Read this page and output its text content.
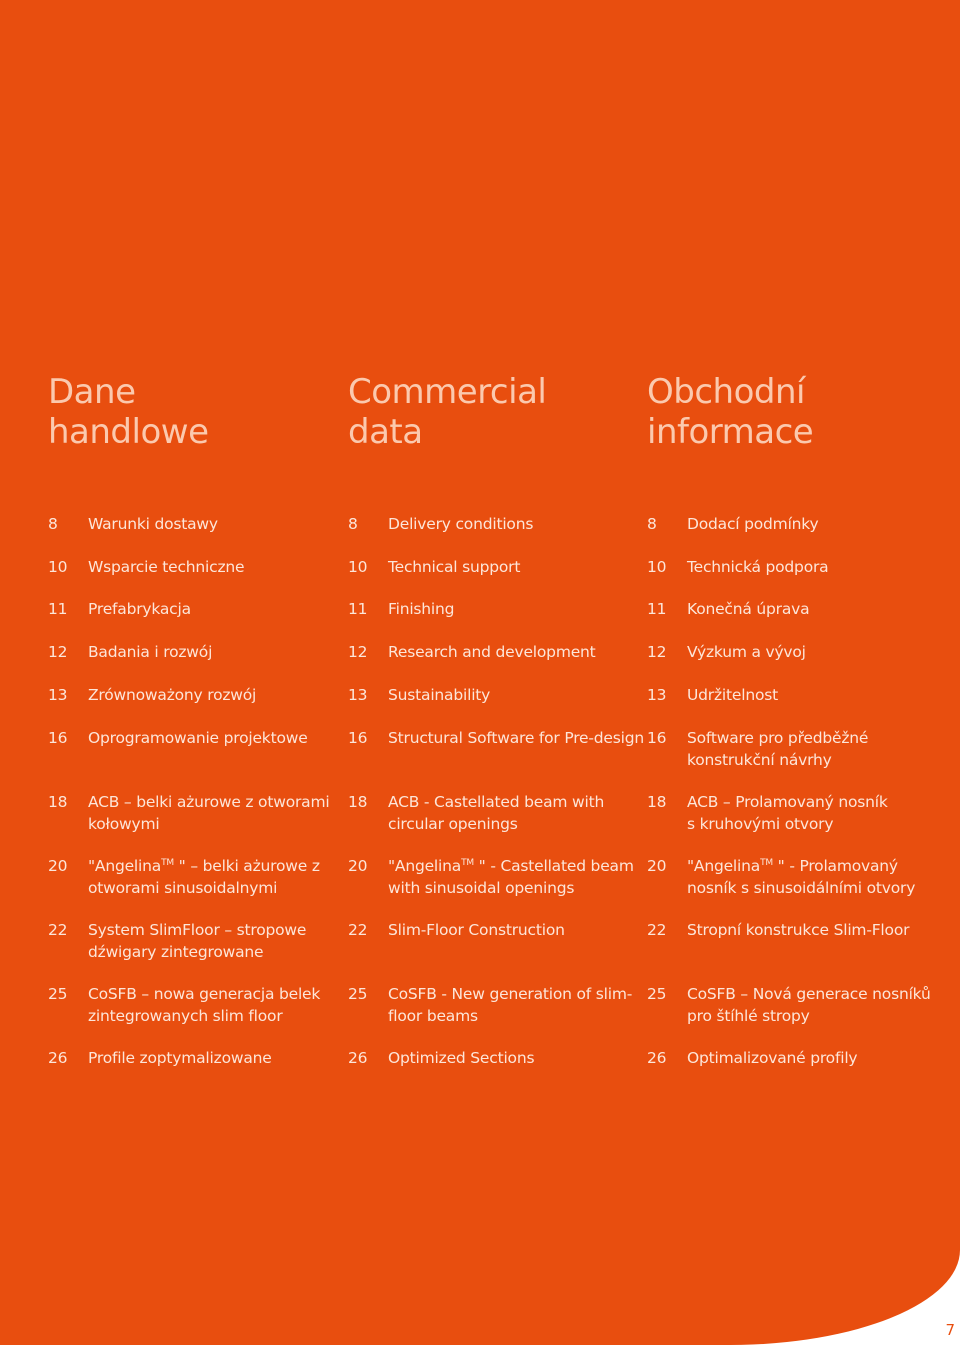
Dane
handlowe
8	Warunki dostawy
10	Wsparcie techniczne
11	Prefabrykacja
12	Badania i rozwój
13	Zrównoważony rozwój
16	Oprogramowanie projektowe
18	ACB – belki ażurowe z otworami
kołowymi
20	"Angelina™ " – belki ażurowe z
otworami sinusoidalnymi
22	System SlimFloor – stropowe
dźwigary zintegrowane
25	CoSFB – nowa generacja belek
zintegrowanych slim floor
26	Profile zoptymalizowane
Commercial
data
8	Delivery conditions
10	Technical support
11	Finishing
12	Research and development
13	Sustainability
16	Structural Software for Pre-design
18	ACB - Castellated beam with
circular openings
20	"Angelina™ " - Castellated beam
with sinusoidal openings
22	Slim-Floor Construction
25	CoSFB - New generation of slim-
floor beams
26	Optimized Sections
Obchodní
informace
8	Dodací podmínky
10	Technická podpora
11	Konečná úprava
12	Výzkum a vývoj
13	Udržitelnost
16	Software pro předběžné
konstrukční návrhy
18	ACB – Prolamovaný nosník
s kruhovými otvory
20	"Angelina™ " - Prolamovaný
nosník s sinusoidálními otvory
22	Stropní konstrukce Slim-Floor
25	CoSFB – Nová generace nosníků
pro štíhlé stropy
26	Optimalizované profily
7
